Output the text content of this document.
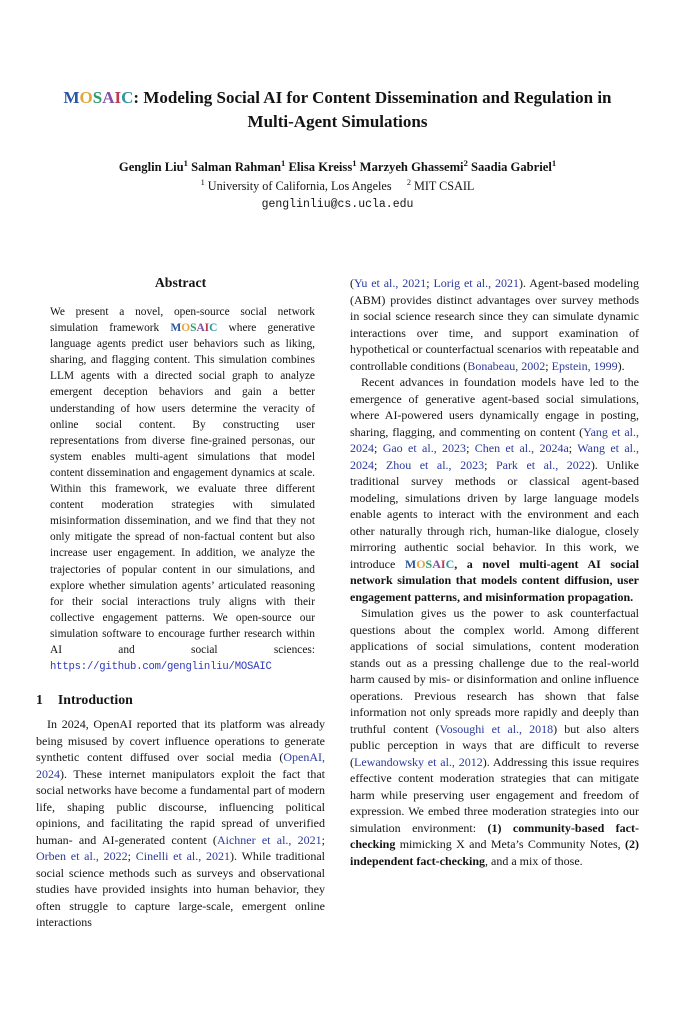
MOSAIC: Modeling Social AI for Content Dissemination and Regulation in
Multi-Agent Simulations
Genglin Liu$^1$ Salman Rahman$^1$ Elisa Kreiss$^1$ Marzyeh Ghassemi$^2$ Saadia Gabriel$^1$
$^1$ University of California, Los Angeles     $^2$ MIT CSAIL
genglinliu@cs.ucla.edu
Abstract

We present a novel, open-source social network simulation framework MOSAIC where generative language agents predict user behaviors such as liking, sharing, and flagging content. This simulation combines LLM agents with a directed social graph to analyze emergent deception behaviors and gain a better understanding of how users determine the veracity of online social content. By constructing user representations from diverse fine-grained personas, our system enables multi-agent simulations that model content dissemination and engagement dynamics at scale. Within this framework, we evaluate three different content moderation strategies with simulated misinformation dissemination, and we find that they not only mitigate the spread of non-factual content but also increase user engagement. In addition, we analyze the trajectories of popular content in our simulations, and explore whether simulation agents’ articulated reasoning for their social interactions truly aligns with their collective engagement patterns. We open-source our simulation software to encourage further research within AI and social sciences: https://github.com/genglinliu/MOSAIC

1 Introduction

In 2024, OpenAI reported that its platform was already being misused by covert influence operations to generate synthetic content diffused over social media (OpenAI, 2024). These internet manipulators exploit the fact that social networks have become a fundamental part of modern life, shaping public discourse, influencing political opinions, and facilitating the rapid spread of unverified human- and AI-generated content (Aichner et al., 2021; Orben et al., 2022; Cinelli et al., 2021). While traditional social science methods such as surveys and observational studies have provided insights into human behavior, they often struggle to capture large-scale, emergent online interactions

(Yu et al., 2021; Lorig et al., 2021). Agent-based modeling (ABM) provides distinct advantages over survey methods in social science research since they can simulate dynamic interactions over time, and support examination of hypothetical or counterfactual scenarios with repeatable and controllable conditions (Bonabeau, 2002; Epstein, 1999).

Recent advances in foundation models have led to the emergence of generative agent-based social simulations, where AI-powered users dynamically engage in posting, sharing, flagging, and commenting on content (Yang et al., 2024; Gao et al., 2023; Chen et al., 2024a; Wang et al., 2024; Zhou et al., 2023; Park et al., 2022). Unlike traditional survey methods or classical agent-based modeling, simulations driven by large language models enable agents to interact with the environment and each other naturally through rich, human-like dialogue, closely mirroring authentic social behavior. In this work, we introduce MOSAIC, a novel multi-agent AI social network simulation that models content diffusion, user engagement patterns, and misinformation propagation.

Simulation gives us the power to ask counterfactual questions about the complex world. Among different applications of social simulations, content moderation stands out as a pressing challenge due to the real-world harm caused by mis- or disinformation and online influence operations. Previous research has shown that false information not only spreads more rapidly and deeply than truthful content (Vosoughi et al., 2018) but also alters public perception in ways that are difficult to reverse (Lewandowsky et al., 2012). Addressing this issue requires effective content moderation strategies that can mitigate harm while preserving user engagement and freedom of expression. We embed three moderation strategies into our simulation environment: (1) community-based fact-checking mimicking X and Meta’s Community Notes, (2) independent fact-checking, and a mix of those.
